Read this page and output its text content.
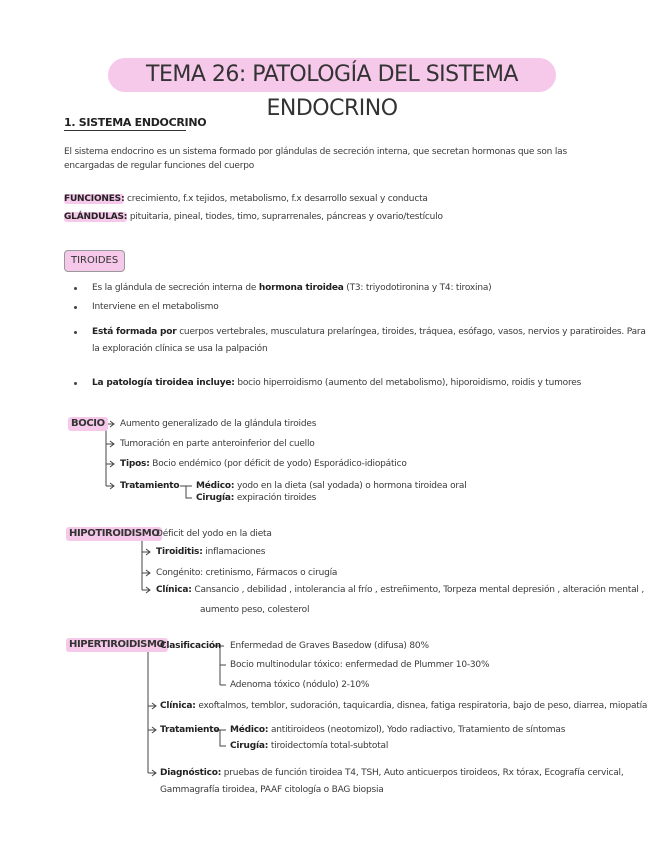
TEMA 26: PATOLOGÍA DEL SISTEMA ENDOCRINO
1. SISTEMA ENDOCRINO
El sistema endocrino es un sistema formado por glándulas de secreción interna, que secretan hormonas que son las
encargadas de regular funciones del cuerpo
FUNCIONES: crecimiento, f.x tejidos, metabolismo, f.x desarrollo sexual y conducta
GLÁNDULAS: pituitaria, pineal, tiodes, timo, suprarrenales, páncreas y ovario/testículo
TIROIDES
Es la glándula de secreción interna de hormona tiroidea (T3: triyodotironina y T4: tiroxina)
Interviene en el metabolismo
Está formada por cuerpos vertebrales, musculatura prelaríngea, tiroides, tráquea, esófago, vasos, nervios y paratiroides. Para
la exploración clínica se usa la palpación
La patología tiroidea incluye: bocio hiperroidismo (aumento del metabolismo), hiporoidismo, roidis y tumores
BOCIO	Aumento generalizado de la glándula tiroides
Tumoración en parte anteroinferior del cuello
Tipos: Bocio endémico (por déficit de yodo) Esporádico-idiopático
Tratamiento Médico: yodo en la dieta (sal yodada) o hormona tiroidea oral
Cirugía: expiración tiroides
HIPOTIROIDISMO
Déficit del yodo en la dieta
Tiroiditis: inflamaciones
Congénito: cretinismo, Fármacos o cirugía
Clínica: Cansancio , debilidad , intolerancia al frío , estreñimento, Torpeza mental depresión , alteración mental ,
aumento peso, colesterol
HIPERTIROIDISMO
Clasificación Enfermedad de Graves Basedow (difusa) 80%
Bocio multinodular tóxico: enfermedad de Plummer 10-30%
Adenoma tóxico (nódulo) 2-10%
Clínica: exoftalmos, temblor, sudoración, taquicardia, disnea, fatiga respiratoria, bajo de peso, diarrea, miopatía
Tratamiento Médico: antitiroideos (neotomizol), Yodo radiactivo, Tratamiento de síntomas
Cirugía: tiroidectomía total-subtotal
Diagnóstico: pruebas de función tiroidea T4, TSH, Auto anticuerpos tiroideos, Rx tórax, Ecografía cervical,
Gammagrafía tiroidea, PAAF citología o BAG biopsia
